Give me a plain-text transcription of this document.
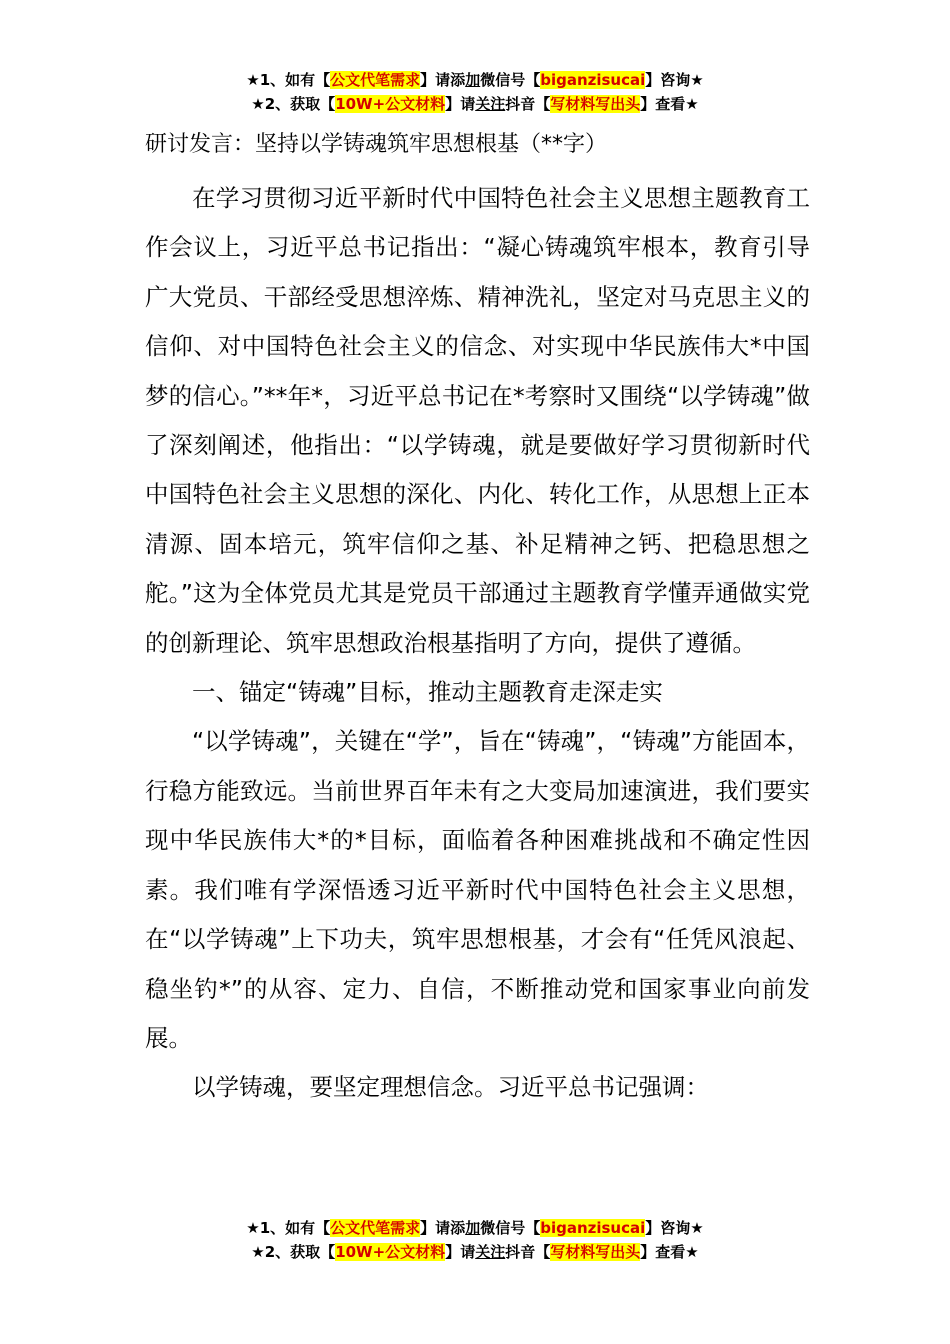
★1、如有【公文代笔需求】请添加微信号【biganzisucai】咨询★
★2、获取【10W+公文材料】请关注抖音【写材料写出头】查看★
研讨发言：坚持以学铸魂筑牢思想根基（**字）

在学习贯彻习近平新时代中国特色社会主义思想主题教育工作会议上，习近平总书记指出：“凝心铸魂筑牢根本，教育引导广大党员、干部经受思想淬炼、精神洗礼，坚定对马克思主义的信仰、对中国特色社会主义的信念、对实现中华民族伟大*中国梦的信心。”**年*，习近平总书记在*考察时又围绕“以学铸魂”做了深刻阐述，他指出：“以学铸魂，就是要做好学习贯彻新时代中国特色社会主义思想的深化、内化、转化工作，从思想上正本清源、固本培元，筑牢信仰之基、补足精神之钙、把稳思想之舵。”这为全体党员尤其是党员干部通过主题教育学懂弄通做实党的创新理论、筑牢思想政治根基指明了方向，提供了遵循。

一、锚定“铸魂”目标，推动主题教育走深走实

“以学铸魂”，关键在“学”，旨在“铸魂”，“铸魂”方能固本，行稳方能致远。当前世界百年未有之大变局加速演进，我们要实现中华民族伟大*的*目标，面临着各种困难挑战和不确定性因素。我们唯有学深悟透习近平新时代中国特色社会主义思想，在“以学铸魂”上下功夫，筑牢思想根基，才会有“任凭风浪起、稳坐钓*”的从容、定力、自信，不断推动党和国家事业向前发展。

以学铸魂，要坚定理想信念。习近平总书记强调：

★1、如有【公文代笔需求】请添加微信号【biganzisucai】咨询★
★2、获取【10W+公文材料】请关注抖音【写材料写出头】查看★
